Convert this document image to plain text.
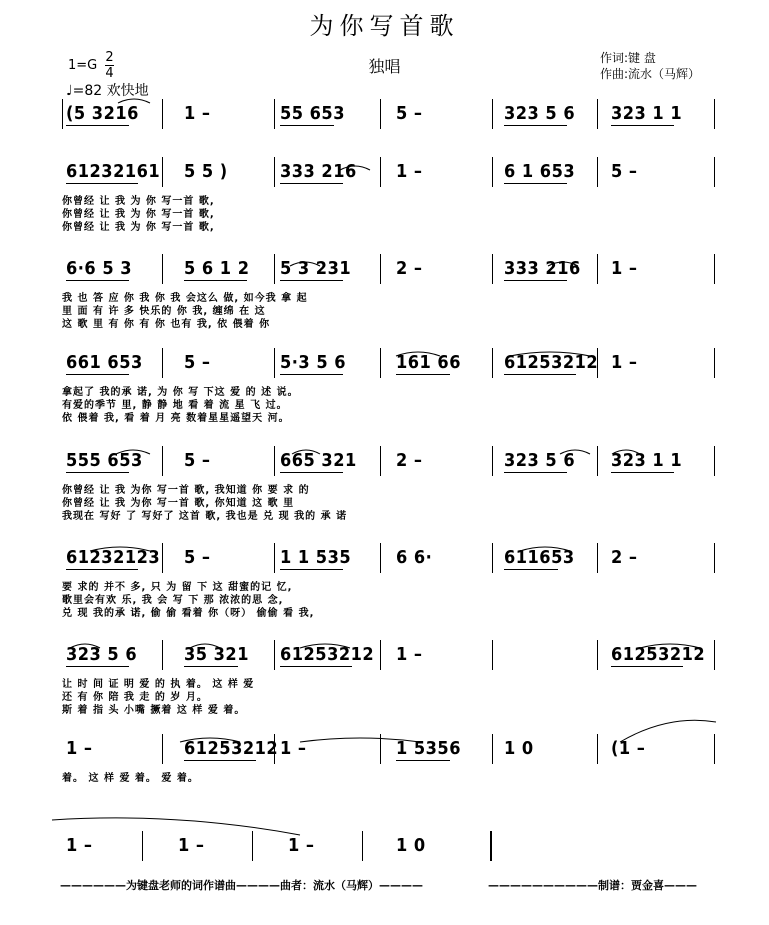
为你写首歌
独唱	作词:键 盘
作曲:流水（马辉）
$1=G \frac{2}{4}$
♩=82 欢快地
(5 3216	1 –	55 653	5 –	323 5 6 323 1 1
61232161 5 5 )	333 216 1 –	6 1 653 5 –
你曾经 让 我 为 你 写一首 歌,
你曾经 让 我 为 你 写一首 歌,
你曾经 让 我 为 你 写一首 歌,
6·6 5 3	5 6 1 2 5 3 231 2 –	333 216 1 –
我 也 答 应 你 我 你 我 会这么 做, 如今我 拿 起
里 面 有 许 多 快乐的 你 我, 缠绵 在 这
这 歌 里 有 你 有 你 也有 我, 依 偎着 你
661 653 5 –	5·3 5 6	161 66 61253212 1 –
拿起了 我的承 诺, 为 你 写 下这 爱 的 述 说。
有爱的季节 里, 静 静 地 看 着 流 星 飞 过。
依 偎着 我, 看 着 月 亮 数着星星遥望天 河。
555 653 5 –	665 321 2 –	323 5 6 323 1 1
你曾经 让 我 为你 写一首 歌, 我知道 你 要 求 的
你曾经 让 我 为你 写一首 歌, 你知道 这 歌 里
我现在 写好 了 写好了 这首 歌, 我也是 兑 现 我的 承 诺
61232123 5 –	1 1 535 6 6·	611653 2 –
要 求的 并不 多, 只 为 留 下 这 甜蜜的记 忆,
歌里会有欢 乐, 我 会 写 下 那 浓浓的思 念,
兑 现 我的承 诺, 偷 偷 看着 你（呀） 偷偷 看 我,
323 5 6	35 321 61253212 1 –	61253212
让 时 间 证 明 爱 的 执 着。 这 样 爱
还 有 你 陪 我 走 的 岁 月。
斯 着 指 头 小嘴 撅着 这 样 爱 着。
1 –	61253212 1 –	1 5356 1 0	(1 –
着。 这 样 爱 着。 爱 着。
1 –	1 –	1 –	1 0
——————为键盘老师的词作谱曲————曲者：流水（马辉）————	——————————制谱：贾金喜———
